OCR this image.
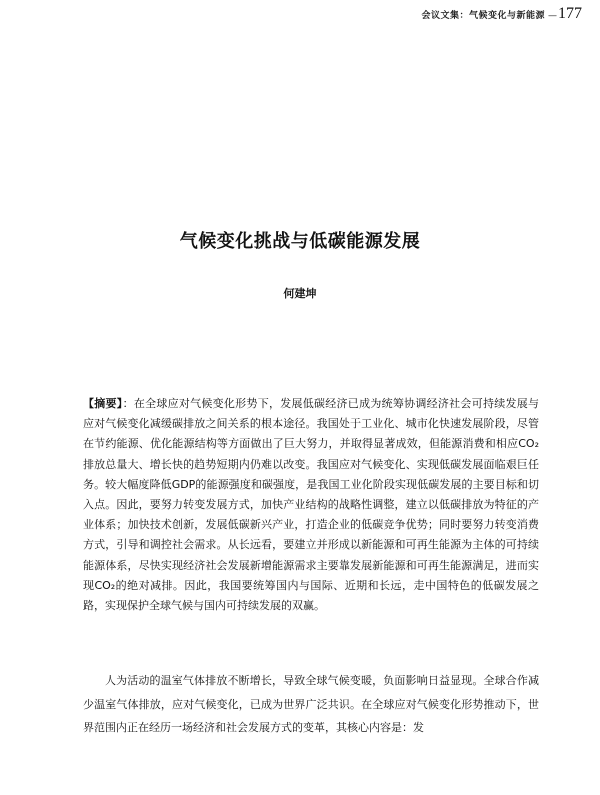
会议文集：气候变化与新能源 — 177
气候变化挑战与低碳能源发展
何建坤
【摘要】：在全球应对气候变化形势下，发展低碳经济已成为统筹协调经济社会可持续发展与应对气候变化减缓碳排放之间关系的根本途径。我国处于工业化、城市化快速发展阶段，尽管在节约能源、优化能源结构等方面做出了巨大努力，并取得显著成效，但能源消费和相应CO₂排放总量大、增长快的趋势短期内仍难以改变。我国应对气候变化、实现低碳发展面临艰巨任务。较大幅度降低GDP的能源强度和碳强度，是我国工业化阶段实现低碳发展的主要目标和切入点。因此，要努力转变发展方式，加快产业结构的战略性调整，建立以低碳排放为特征的产业体系；加快技术创新，发展低碳新兴产业，打造企业的低碳竞争优势；同时要努力转变消费方式，引导和调控社会需求。从长远看，要建立并形成以新能源和可再生能源为主体的可持续能源体系，尽快实现经济社会发展新增能源需求主要靠发展新能源和可再生能源满足，进而实现CO₂的绝对减排。因此，我国要统筹国内与国际、近期和长远，走中国特色的低碳发展之路，实现保护全球气候与国内可持续发展的双赢。

人为活动的温室气体排放不断增长，导致全球气候变暖，负面影响日益显现。全球合作减少温室气体排放，应对气候变化，已成为世界广泛共识。在全球应对气候变化形势推动下，世界范围内正在经历一场经济和社会发展方式的变革，其核心内容是：发
